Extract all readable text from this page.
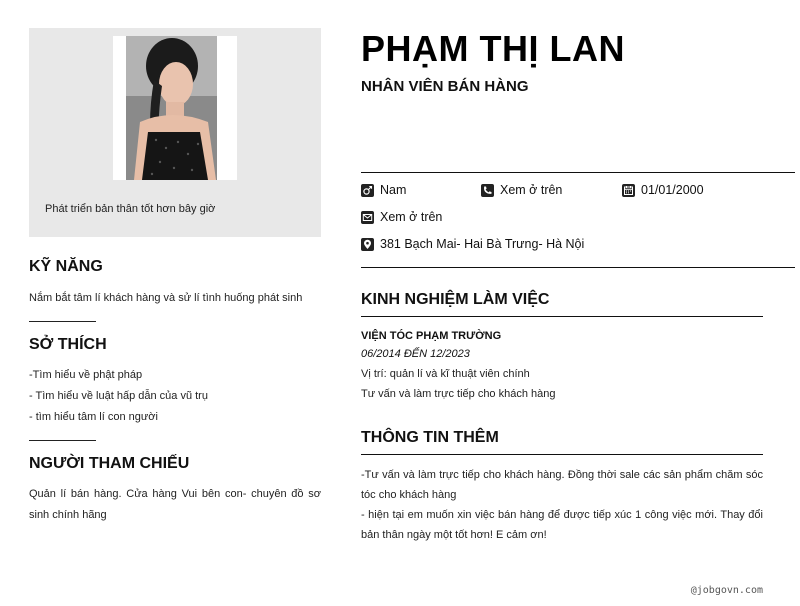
Phát triển bản thân tốt hơn bây giờ
KỸ NĂNG
Nắm bắt tâm lí khách hàng và sử lí tình huống phát sinh
SỞ THÍCH
-Tìm hiểu về phật pháp
- Tìm hiểu về luật hấp dẫn của vũ trụ
- tìm hiểu tâm lí con người
NGƯỜI THAM CHIẾU
Quản lí bán hàng. Cửa hàng Vui bên con- chuyên đồ sơ sinh chính hãng
PHẠM THỊ LAN
NHÂN VIÊN BÁN HÀNG
Nam	Xem ở trên	01/01/2000
Xem ở trên
381 Bạch Mai- Hai Bà Trưng- Hà Nội
KINH NGHIỆM LÀM VIỆC
VIỆN TÓC PHẠM TRƯỜNG
06/2014 ĐẾN 12/2023
Vị trí: quản lí và kĩ thuật viên chính
Tư vấn và làm trực tiếp cho khách hàng
THÔNG TIN THÊM
-Tư vấn và làm trực tiếp cho khách hàng. Đồng thời sale các sản phẩm chăm sóc tóc cho khách hàng
- hiện tại em muốn xin việc bán hàng để được tiếp xúc 1 công việc mới. Thay đổi bản thân ngày một tốt hơn! E cảm ơn!
@jobgovn.com
